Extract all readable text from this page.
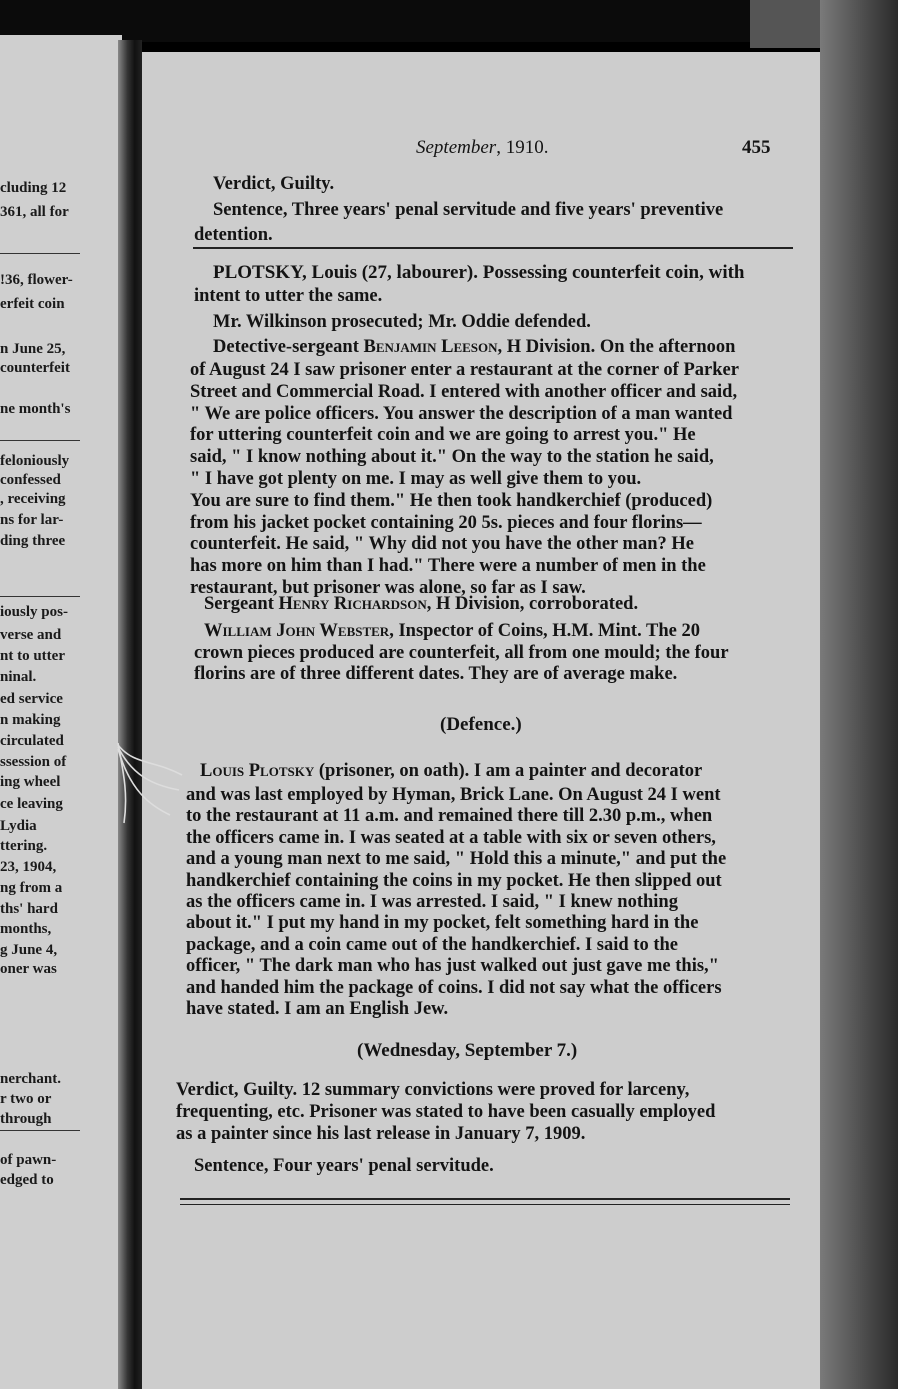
cluding 12
361, all for
!36, flower-
erfeit coin
n June 25,
counterfeit
ne month's
feloniously
confessed
, receiving
ns for lar-
ding three
iously pos-
verse and
nt to utter
ninal.
ed service
n making
circulated
ssession of
ing wheel
ce leaving
Lydia
ttering.
23, 1904,
ng from a
ths' hard
months,
g June 4,
oner was
nerchant.
r two or
through
of pawn-
edged to
September, 1910.	455
Verdict, Guilty.
Sentence, Three years' penal servitude and five years' preventive
detention.
PLOTSKY, Louis (27, labourer). Possessing counterfeit coin, with
intent to utter the same.
Mr. Wilkinson prosecuted; Mr. Oddie defended.
Detective-sergeant Benjamin Leeson, H Division. On the afternoon
of August 24 I saw prisoner enter a restaurant at the corner of Parker
Street and Commercial Road. I entered with another officer and said,
" We are police officers. You answer the description of a man wanted
for uttering counterfeit coin and we are going to arrest you." He
said, " I know nothing about it." On the way to the station he said,
" I have got plenty on me. I may as well give them to you.
You are sure to find them." He then took handkerchief (produced)
from his jacket pocket containing 20 5s. pieces and four florins—
counterfeit. He said, " Why did not you have the other man? He
has more on him than I had." There were a number of men in the
restaurant, but prisoner was alone, so far as I saw.
Sergeant Henry Richardson, H Division, corroborated.
William John Webster, Inspector of Coins, H.M. Mint. The 20
crown pieces produced are counterfeit, all from one mould; the four
florins are of three different dates. They are of average make.
(Defence.)
Louis Plotsky (prisoner, on oath). I am a painter and decorator
and was last employed by Hyman, Brick Lane. On August 24 I went
to the restaurant at 11 a.m. and remained there till 2.30 p.m., when
the officers came in. I was seated at a table with six or seven others,
and a young man next to me said, " Hold this a minute," and put the
handkerchief containing the coins in my pocket. He then slipped out
as the officers came in. I was arrested. I said, " I knew nothing
about it." I put my hand in my pocket, felt something hard in the
package, and a coin came out of the handkerchief. I said to the
officer, " The dark man who has just walked out just gave me this,"
and handed him the package of coins. I did not say what the officers
have stated. I am an English Jew.
(Wednesday, September 7.)
Verdict, Guilty. 12 summary convictions were proved for larceny,
frequenting, etc. Prisoner was stated to have been casually employed
as a painter since his last release in January 7, 1909.
Sentence, Four years' penal servitude.
